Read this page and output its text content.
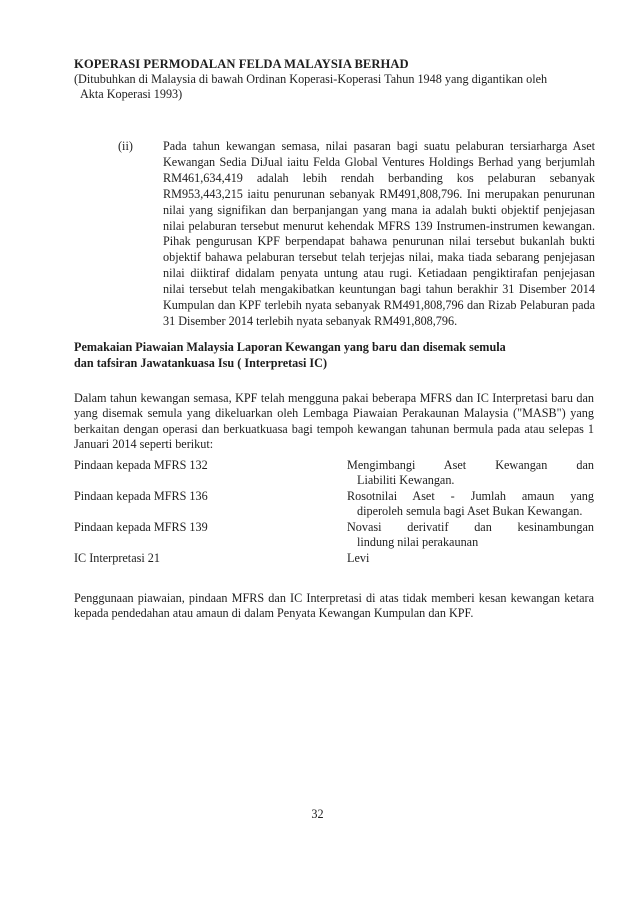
KOPERASI PERMODALAN FELDA MALAYSIA BERHAD
(Ditubuhkan di Malaysia di bawah Ordinan Koperasi-Koperasi Tahun 1948 yang digantikan oleh
Akta Koperasi 1993)
(ii) Pada tahun kewangan semasa, nilai pasaran bagi suatu pelaburan tersiarharga Aset Kewangan Sedia DiJual iaitu Felda Global Ventures Holdings Berhad yang berjumlah RM461,634,419 adalah lebih rendah berbanding kos pelaburan sebanyak RM953,443,215 iaitu penurunan sebanyak RM491,808,796. Ini merupakan penurunan nilai yang signifikan dan berpanjangan yang mana ia adalah bukti objektif penjejasan nilai pelaburan tersebut menurut kehendak MFRS 139 Instrumen-instrumen kewangan. Pihak pengurusan KPF berpendapat bahawa penurunan nilai tersebut bukanlah bukti objektif bahawa pelaburan tersebut telah terjejas nilai, maka tiada sebarang penjejasan nilai diiktiraf didalam penyata untung atau rugi. Ketiadaan pengiktirafan penjejasan nilai tersebut telah mengakibatkan keuntungan bagi tahun berakhir 31 Disember 2014 Kumpulan dan KPF terlebih nyata sebanyak RM491,808,796 dan Rizab Pelaburan pada 31 Disember 2014 terlebih nyata sebanyak RM491,808,796.
Pemakaian Piawaian Malaysia Laporan Kewangan yang baru dan disemak semula
dan tafsiran Jawatankuasa Isu ( Interpretasi IC)
Dalam tahun kewangan semasa, KPF telah mengguna pakai beberapa MFRS dan IC Interpretasi baru dan yang disemak semula yang dikeluarkan oleh Lembaga Piawaian Perakaunan Malaysia ("MASB") yang berkaitan dengan operasi dan berkuatkuasa bagi tempoh kewangan tahunan bermula pada atau selepas 1 Januari 2014 seperti berikut:
Pindaan kepada MFRS 132	Mengimbangi Aset Kewangan dan
Liabiliti Kewangan.

Pindaan kepada MFRS 136	Rosotnilai Aset - Jumlah amaun yang
diperoleh semula bagi Aset Bukan Kewangan.

Pindaan kepada MFRS 139	Novasi derivatif dan kesinambungan
lindung nilai perakaunan

IC Interpretasi 21	Levi
Penggunaan piawaian, pindaan MFRS dan IC Interpretasi di atas tidak memberi kesan kewangan ketara kepada pendedahan atau amaun di dalam Penyata Kewangan Kumpulan dan KPF.
32
